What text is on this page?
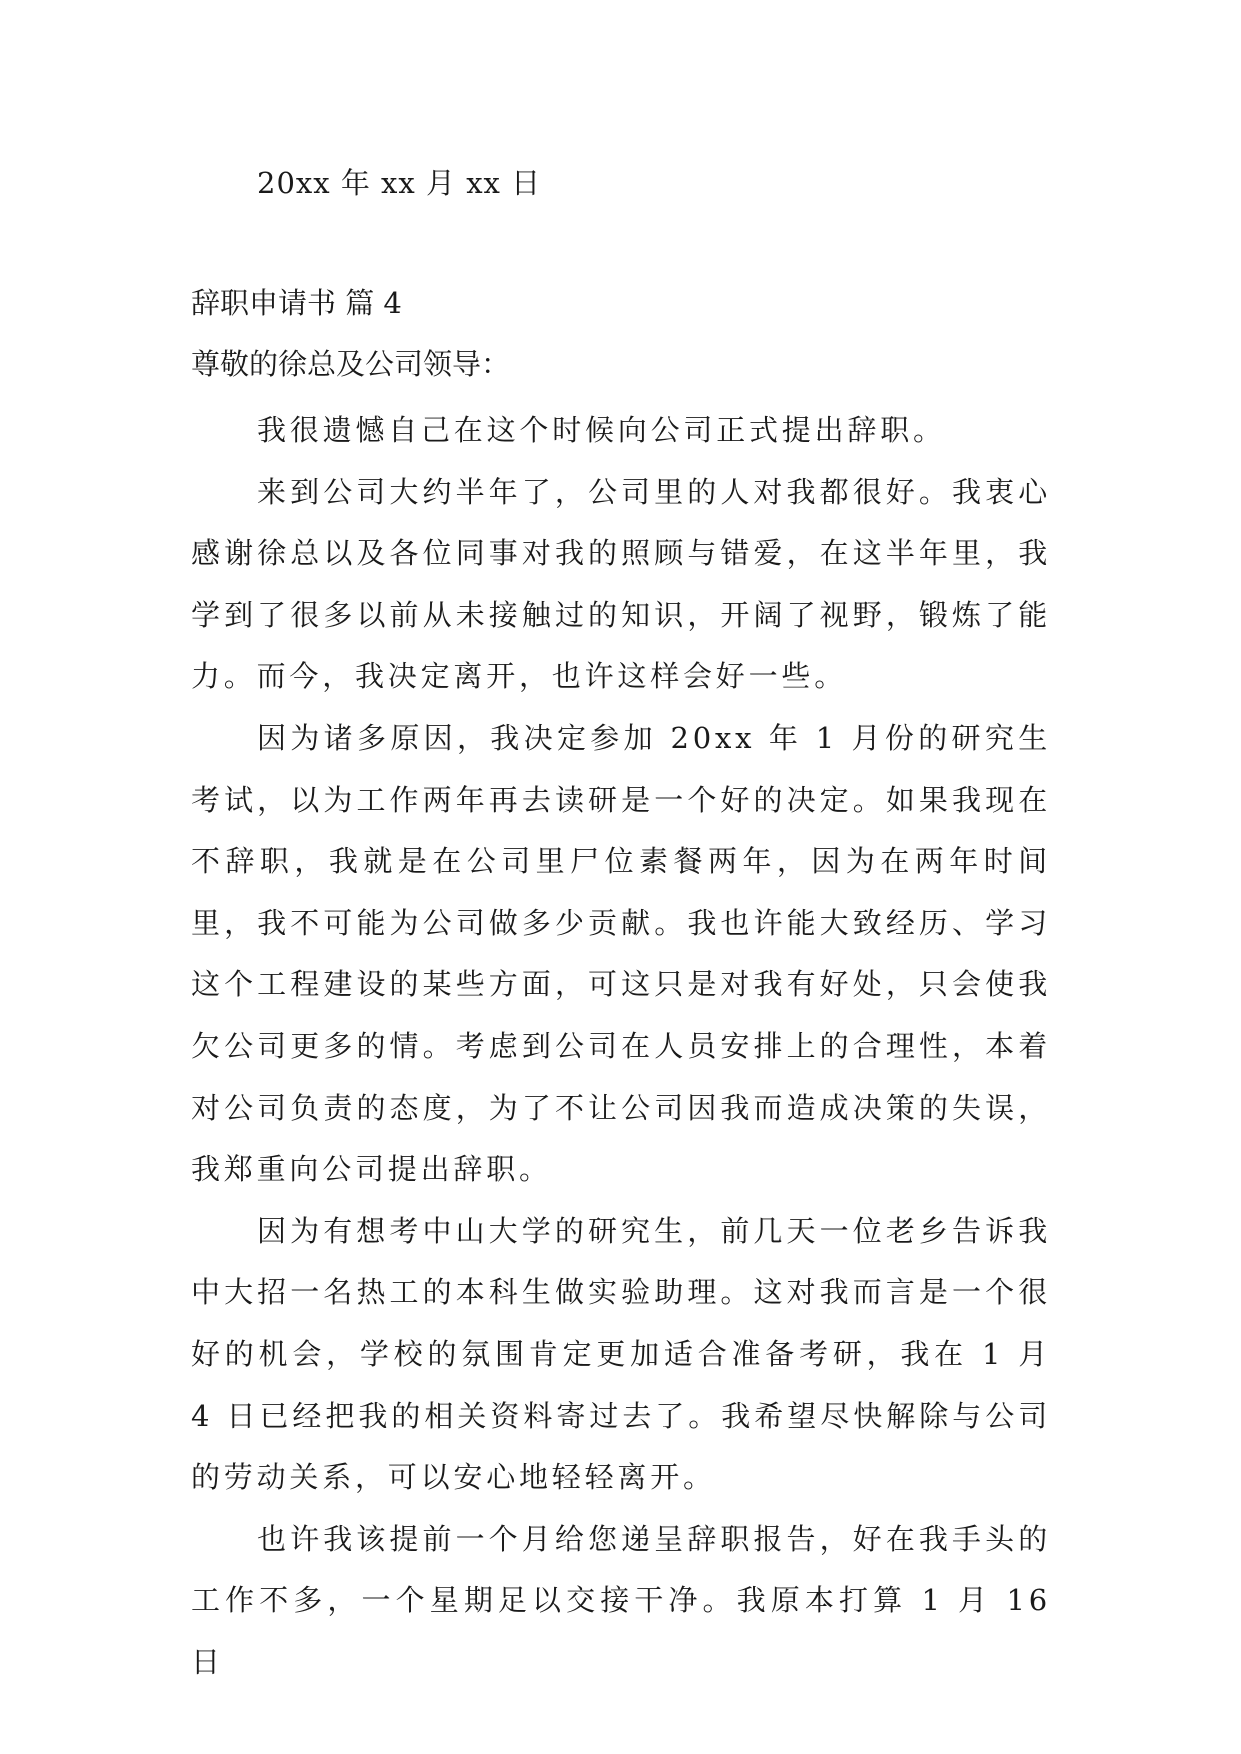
20xx 年 xx 月 xx 日
辞职申请书 篇 4
尊敬的徐总及公司领导：

我很遗憾自己在这个时候向公司正式提出辞职。

来到公司大约半年了，公司里的人对我都很好。我衷心感谢徐总以及各位同事对我的照顾与错爱，在这半年里，我学到了很多以前从未接触过的知识，开阔了视野，锻炼了能力。而今，我决定离开，也许这样会好一些。

因为诸多原因，我决定参加 20xx 年 1 月份的研究生考试，以为工作两年再去读研是一个好的决定。如果我现在不辞职，我就是在公司里尸位素餐两年，因为在两年时间里，我不可能为公司做多少贡献。我也许能大致经历、学习这个工程建设的某些方面，可这只是对我有好处，只会使我欠公司更多的情。考虑到公司在人员安排上的合理性，本着对公司负责的态度，为了不让公司因我而造成决策的失误，我郑重向公司提出辞职。

因为有想考中山大学的研究生，前几天一位老乡告诉我中大招一名热工的本科生做实验助理。这对我而言是一个很好的机会，学校的氛围肯定更加适合准备考研，我在 1 月 4 日已经把我的相关资料寄过去了。我希望尽快解除与公司的劳动关系，可以安心地轻轻离开。

也许我该提前一个月给您递呈辞职报告，好在我手头的工作不多，一个星期足以交接干净。我原本打算 1 月 16 日
